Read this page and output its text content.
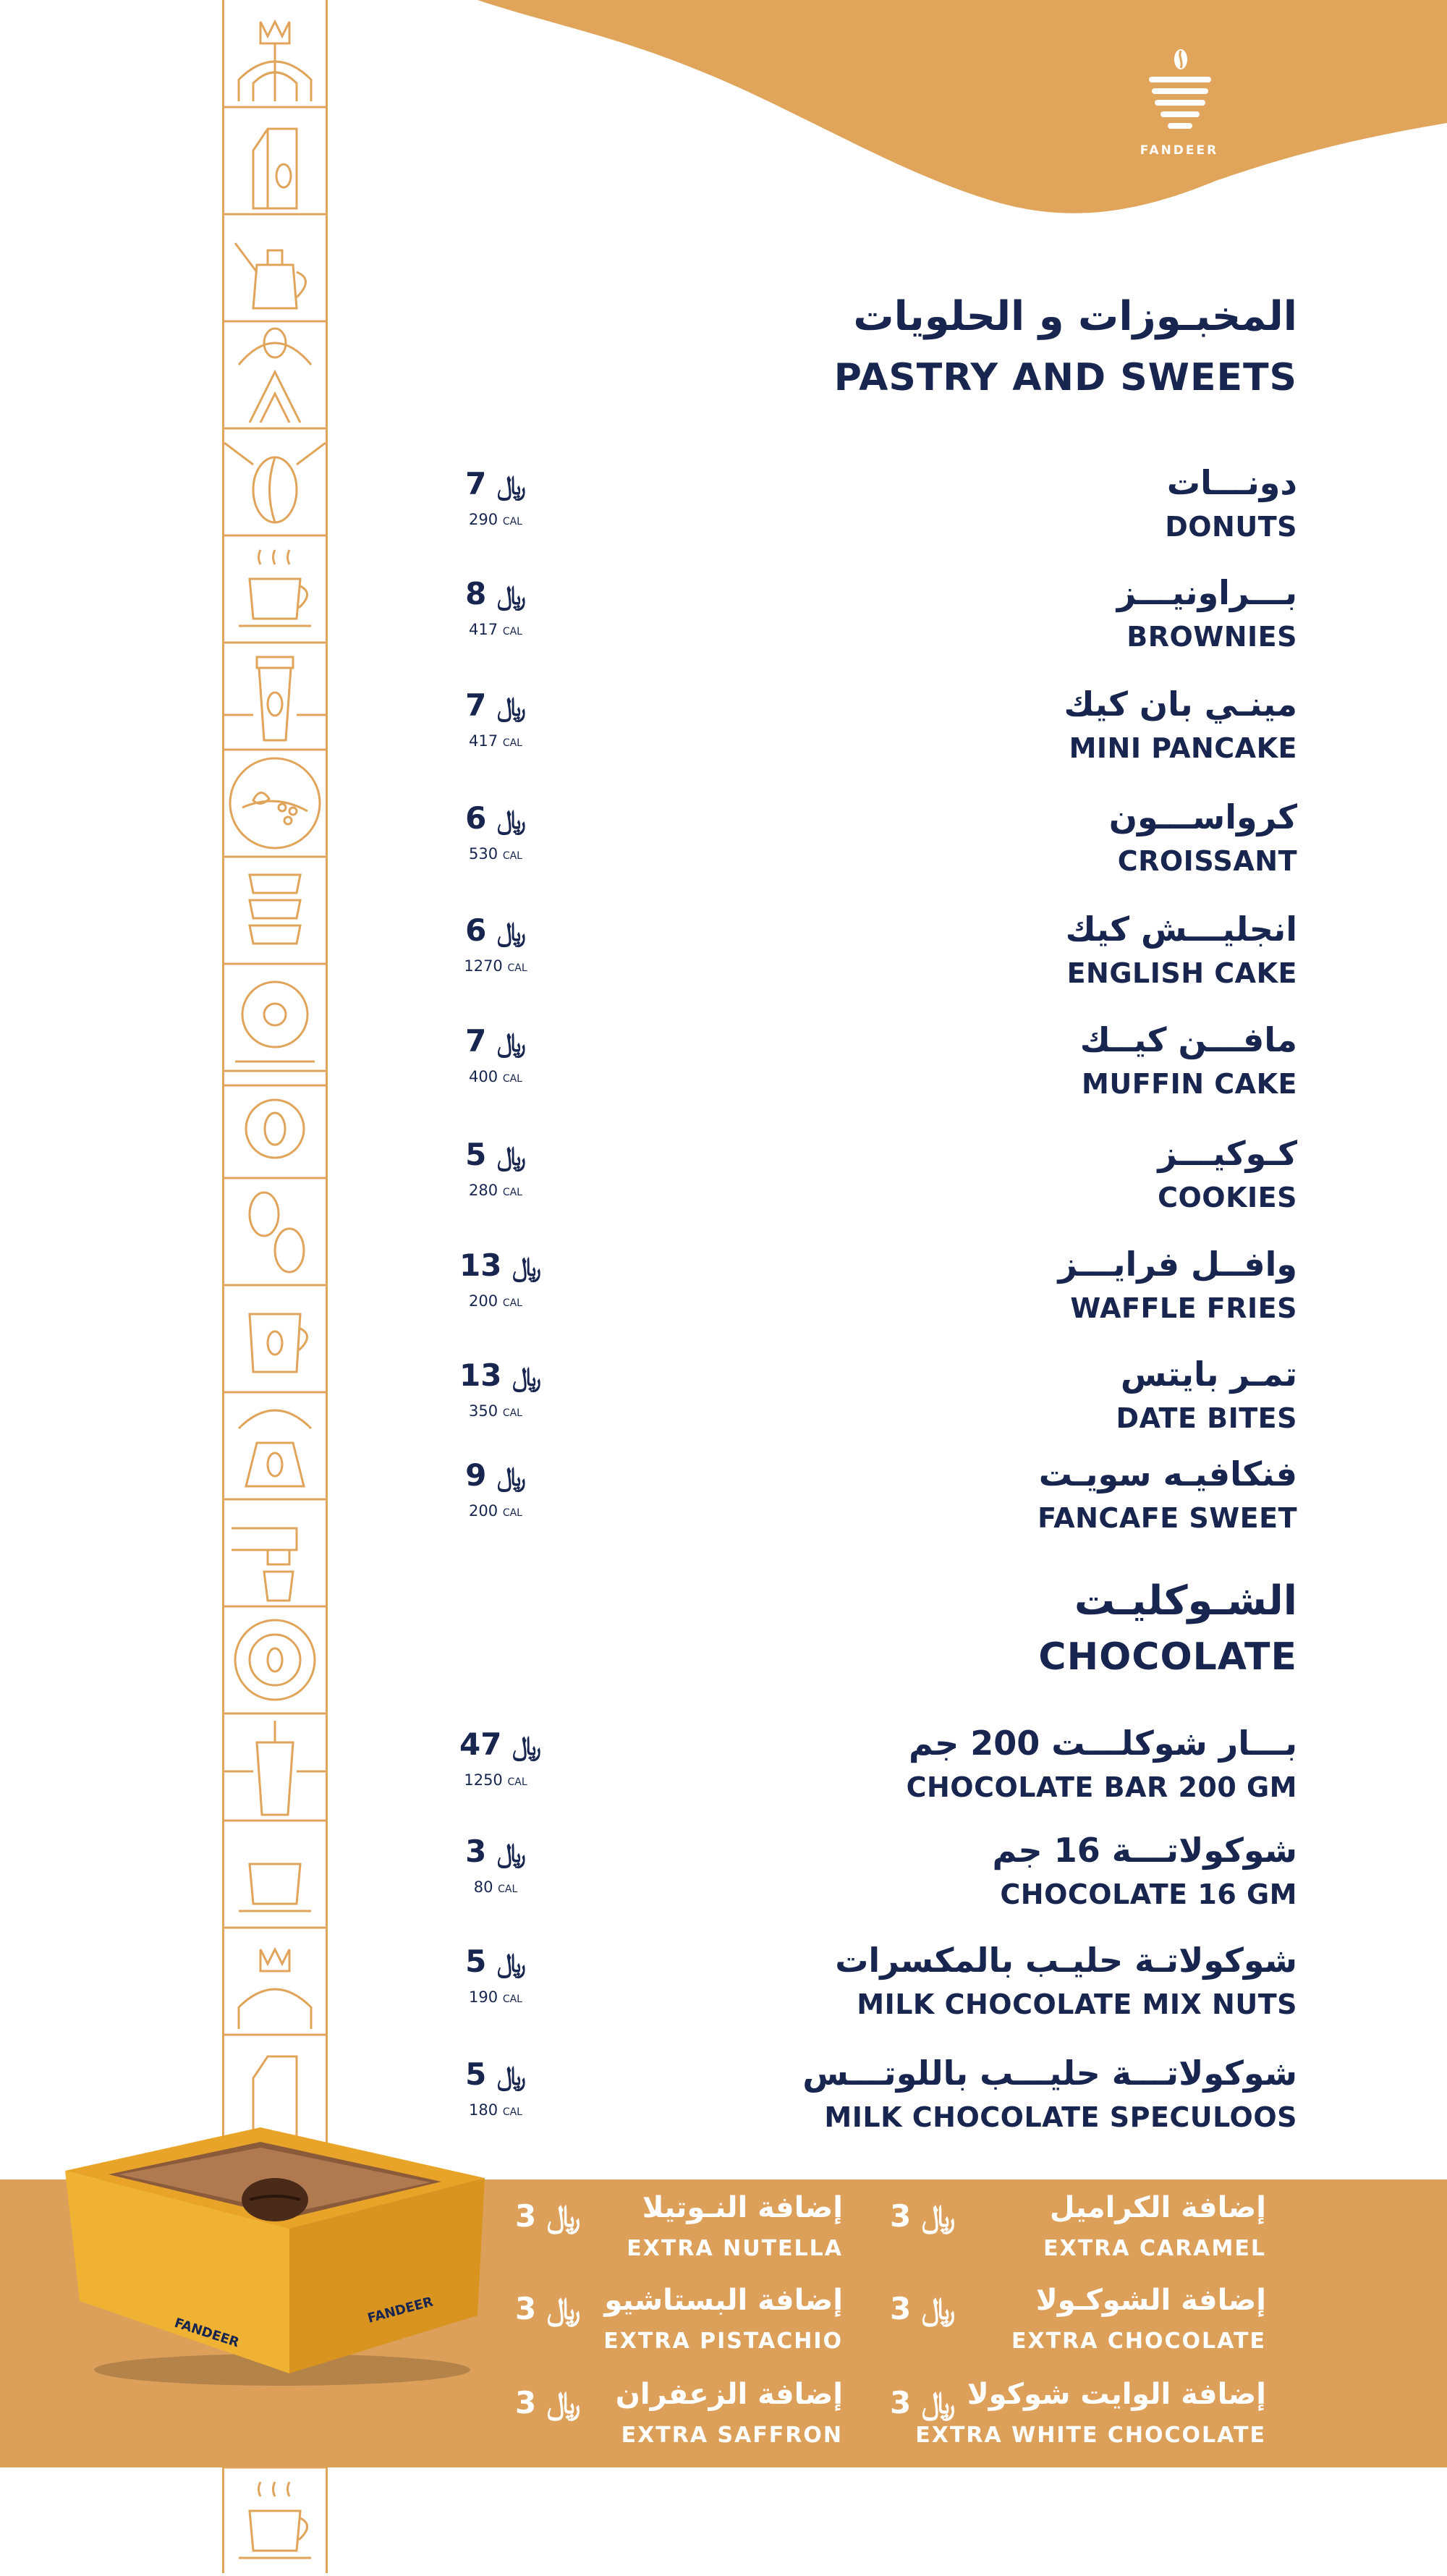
FANDEER
المخبـوزات و الحلويات
PASTRY AND SWEETS
دونـــات
DONUTS
7 ﷼
290 CAL
بـــراونيـــز
BROWNIES
8 ﷼
417 CAL
مينـي بان كيك
MINI PANCAKE
7 ﷼
417 CAL
كرواســـون
CROISSANT
6 ﷼
530 CAL
انجليـــش كيك
ENGLISH CAKE
6 ﷼
1270 CAL
مافـــن كيــك
MUFFIN CAKE
7 ﷼
400 CAL
كـوكيـــز
COOKIES
5 ﷼
280 CAL
وافــل فرايـــز
WAFFLE FRIES
13 ﷼
200 CAL
تمـر بايتس
DATE BITES
13 ﷼
350 CAL
فنكافيـه سويـت
FANCAFE SWEET
9 ﷼
200 CAL
الشـوكليـت
CHOCOLATE
بـــار شوكلـــت 200 جم
CHOCOLATE BAR 200 GM
47 ﷼
1250 CAL
شوكولاتـــة 16 جم
CHOCOLATE 16 GM
3 ﷼
80 CAL
شوكولاتـة حليـب بالمكسرات
MILK CHOCOLATE MIX NUTS
5 ﷼
190 CAL
شوكولاتـــة حليـــب باللوتـــس
MILK CHOCOLATE SPECULOOS
5 ﷼
180 CAL
أضـافة صـوص
EXTRA SAUCE
إضافة الكراميل
EXTRA CARAMEL
﷼ 3
إضافة النـوتيلا
EXTRA NUTELLA
﷼ 3
إضافة الشوكـولا
EXTRA CHOCOLATE
﷼ 3
إضافة البستاشيو
EXTRA PISTACHIO
﷼ 3
إضافة الوايت شوكولا
EXTRA WHITE CHOCOLATE
﷼ 3
إضافة الزعفران
EXTRA SAFFRON
﷼ 3
FANDEER
FANDEER
